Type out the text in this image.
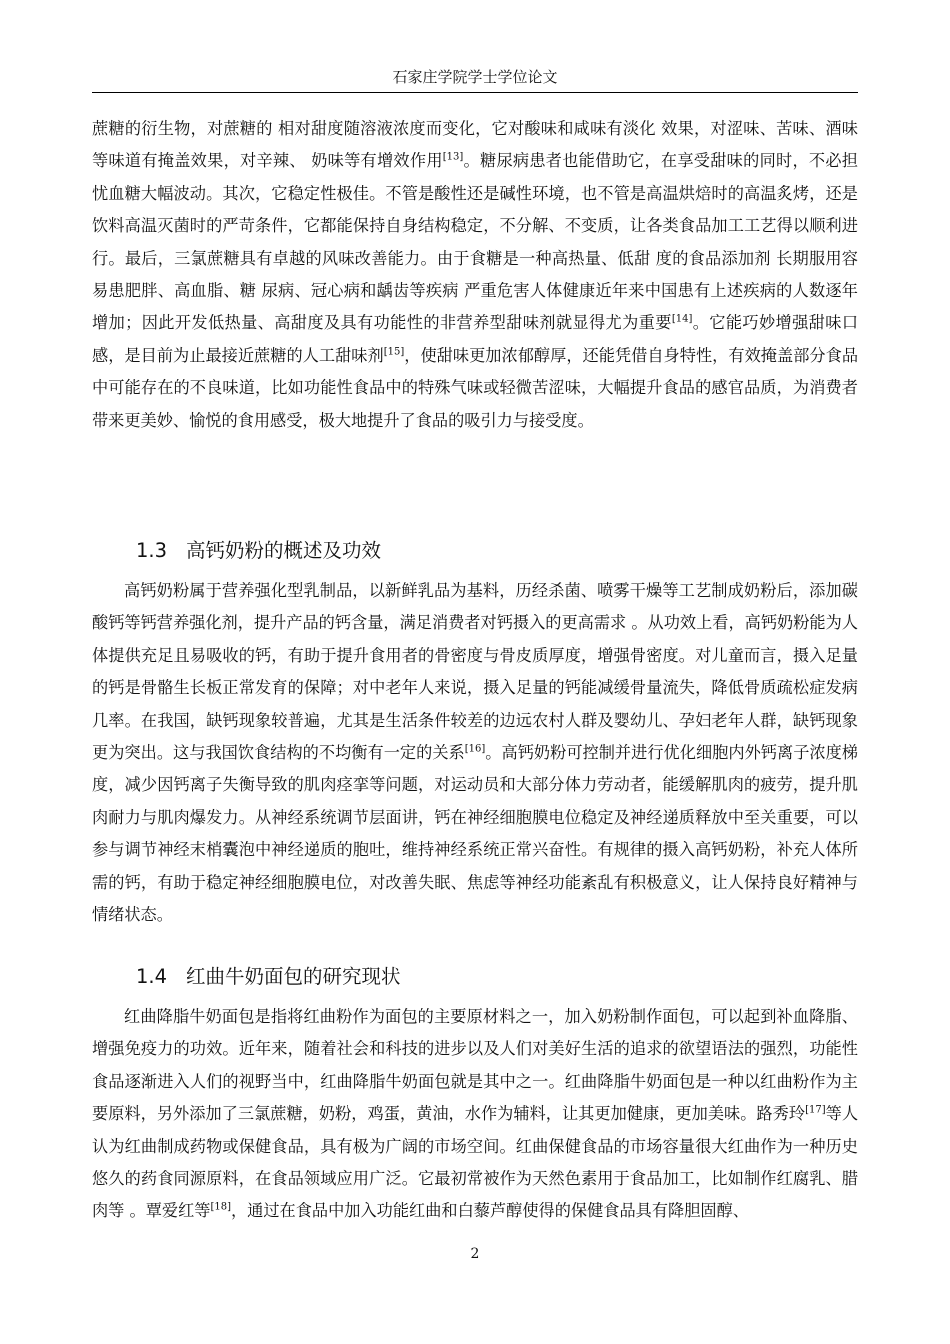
石家庄学院学士学位论文

蔗糖的衍生物，对蔗糖的 相对甜度随溶液浓度而变化，它对酸味和咸味有淡化 效果，对涩味、苦味、酒味等味道有掩盖效果，对辛辣、 奶味等有增效作用[13]。糖尿病患者也能借助它，在享受甜味的同时，不必担忧血糖大幅波动。其次，它稳定性极佳。不管是酸性还是碱性环境，也不管是高温烘焙时的高温炙烤，还是饮料高温灭菌时的严苛条件，它都能保持自身结构稳定，不分解、不变质，让各类食品加工工艺得以顺利进行。最后，三氯蔗糖具有卓越的风味改善能力。由于食糖是一种高热量、低甜 度的食品添加剂 长期服用容易患肥胖、高血脂、糖 尿病、冠心病和龋齿等疾病 严重危害人体健康近年来中国患有上述疾病的人数逐年增加；因此开发低热量、高甜度及具有功能性的非营养型甜味剂就显得尤为重要[14]。它能巧妙增强甜味口感，是目前为止最接近蔗糖的人工甜味剂[15]，使甜味更加浓郁醇厚，还能凭借自身特性，有效掩盖部分食品中可能存在的不良味道，比如功能性食品中的特殊气味或轻微苦涩味，大幅提升食品的感官品质，为消费者带来更美妙、愉悦的食用感受，极大地提升了食品的吸引力与接受度。

1.3 高钙奶粉的概述及功效

高钙奶粉属于营养强化型乳制品，以新鲜乳品为基料，历经杀菌、喷雾干燥等工艺制成奶粉后，添加碳酸钙等钙营养强化剂，提升产品的钙含量，满足消费者对钙摄入的更高需求 。从功效上看，高钙奶粉能为人体提供充足且易吸收的钙，有助于提升食用者的骨密度与骨皮质厚度，增强骨密度。对儿童而言，摄入足量的钙是骨骼生长板正常发育的保障；对中老年人来说，摄入足量的钙能减缓骨量流失，降低骨质疏松症发病几率。在我国，缺钙现象较普遍，尤其是生活条件较差的边远农村人群及婴幼儿、孕妇老年人群，缺钙现象更为突出。这与我国饮食结构的不均衡有一定的关系[16]。高钙奶粉可控制并进行优化细胞内外钙离子浓度梯度，减少因钙离子失衡导致的肌肉痉挛等问题，对运动员和大部分体力劳动者，能缓解肌肉的疲劳，提升肌肉耐力与肌肉爆发力。从神经系统调节层面讲，钙在神经细胞膜电位稳定及神经递质释放中至关重要，可以参与调节神经末梢囊泡中神经递质的胞吐，维持神经系统正常兴奋性。有规律的摄入高钙奶粉，补充人体所需的钙，有助于稳定神经细胞膜电位，对改善失眠、焦虑等神经功能紊乱有积极意义，让人保持良好精神与情绪状态。

1.4 红曲牛奶面包的研究现状

红曲降脂牛奶面包是指将红曲粉作为面包的主要原材料之一，加入奶粉制作面包，可以起到补血降脂、增强免疫力的功效。近年来，随着社会和科技的进步以及人们对美好生活的追求的欲望语法的强烈，功能性食品逐渐进入人们的视野当中，红曲降脂牛奶面包就是其中之一。红曲降脂牛奶面包是一种以红曲粉作为主要原料，另外添加了三氯蔗糖，奶粉，鸡蛋，黄油，水作为辅料，让其更加健康，更加美味。路秀玲[17]等人认为红曲制成药物或保健食品，具有极为广阔的市场空间。红曲保健食品的市场容量很大红曲作为一种历史悠久的药食同源原料，在食品领域应用广泛。它最初常被作为天然色素用于食品加工，比如制作红腐乳、腊肉等 。覃爱红等[18]，通过在食品中加入功能红曲和白藜芦醇使得的保健食品具有降胆固醇、

2
